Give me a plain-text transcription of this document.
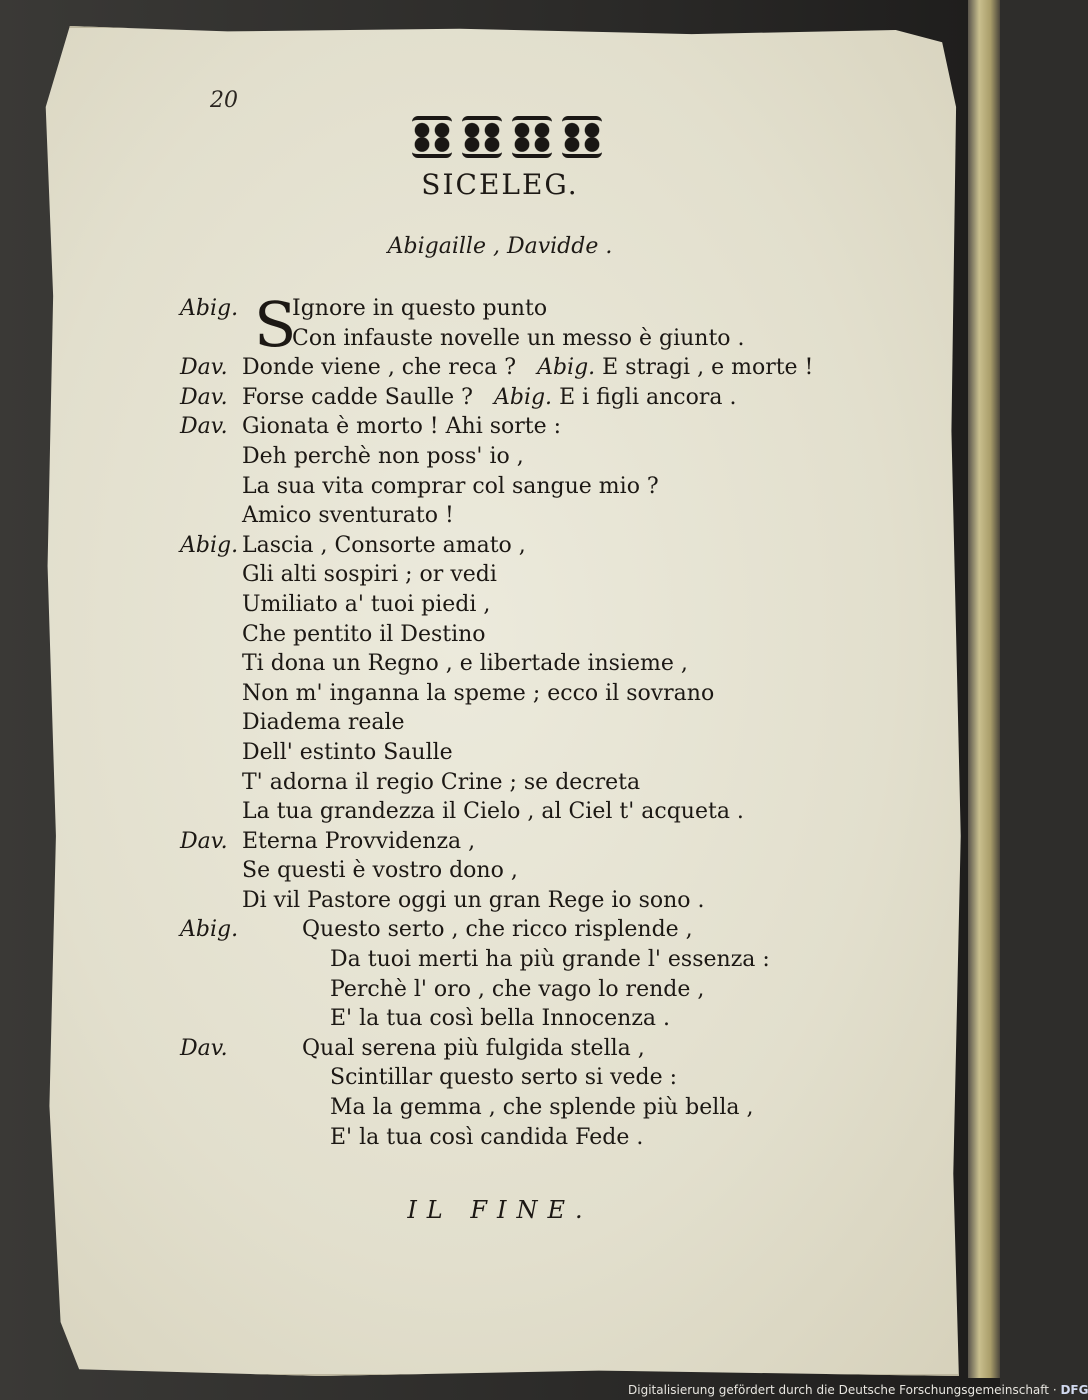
20
SICELEG.
Abigaille , Davidde .
S
Abig. Ignore in questo punto
Con infauste novelle un messo è giunto .
Dav. Donde viene , che reca ? Abig. E stragi , e morte !
Dav. Forse cadde Saulle ? Abig. E i figli ancora .
Dav. Gionata è morto ! Ahi sorte :
Deh perchè non poss' io ,
La sua vita comprar col sangue mio ?
Amico sventurato !
Abig. Lascia , Consorte amato ,
Gli alti sospiri ; or vedi
Umiliato a' tuoi piedi ,
Che pentito il Destino
Ti dona un Regno , e libertade insieme ,
Non m' inganna la speme ; ecco il sovrano
Diadema reale
Dell' estinto Saulle
T' adorna il regio Crine ; se decreta
La tua grandezza il Cielo , al Ciel t' acqueta .
Dav. Eterna Provvidenza ,
Se questi è vostro dono ,
Di vil Pastore oggi un gran Rege io sono .
Abig.	Questo serto , che ricco risplende ,
Da tuoi merti ha più grande l' essenza :
Perchè l' oro , che vago lo rende ,
E' la tua così bella Innocenza .
Dav.	Qual serena più fulgida stella ,
Scintillar questo serto si vede :
Ma la gemma , che splende più bella ,
E' la tua così candida Fede .
IL FINE.
Digitalisierung gefördert durch die Deutsche Forschungsgemeinschaft · DFG
